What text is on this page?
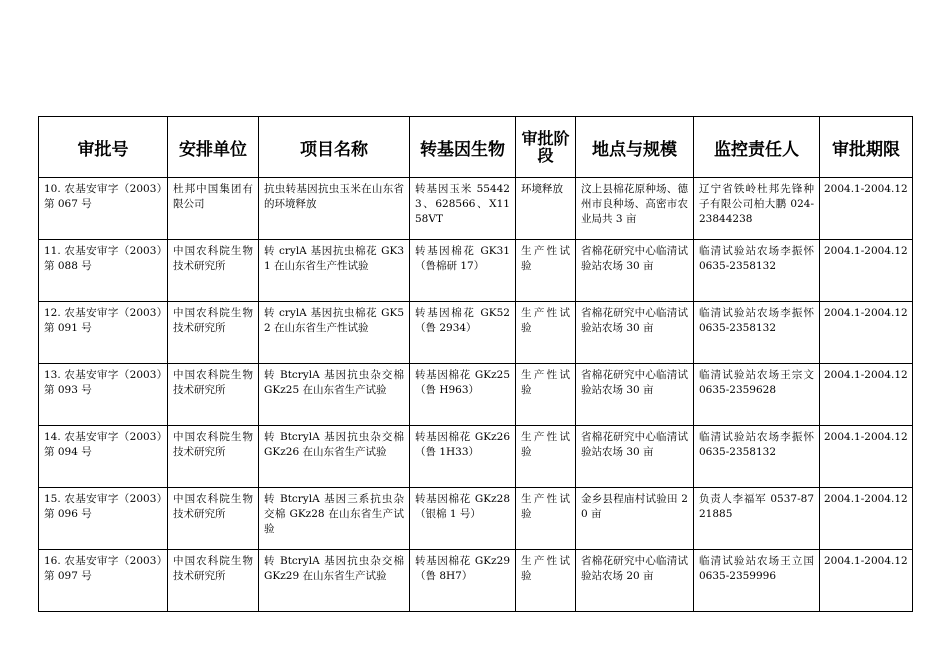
审批号	安排单位	项目名称	转基因生物	审批阶段	地点与规模	监控责任人	审批期限
10. 农基安审字（2003）第 067 号	杜邦中国集团有限公司	抗虫转基因抗虫玉米在山东省的环境释放	转基因玉米 554423、628566、X1158VT	环境释放	汶上县棉花原种场、德州市良种场、高密市农业局共 3 亩	辽宁省铁岭杜邦先锋种子有限公司柏大鹏 024-23844238	2004.1-2004.12
11. 农基安审字（2003）第 088 号	中国农科院生物技术研究所	转 crylA 基因抗虫棉花 GK31 在山东省生产性试验	转基因棉花 GK31（鲁棉研 17）	生产性试验	省棉花研究中心临清试验站农场 30 亩	临清试验站农场李振怀 0635-2358132	2004.1-2004.12
12. 农基安审字（2003）第 091 号	中国农科院生物技术研究所	转 crylA 基因抗虫棉花 GK52 在山东省生产性试验	转基因棉花 GK52（鲁 2934）	生产性试验	省棉花研究中心临清试验站农场 30 亩	临清试验站农场李振怀 0635-2358132	2004.1-2004.12
13. 农基安审字（2003）第 093 号	中国农科院生物技术研究所	转 BtcrylA 基因抗虫杂交棉 GKz25 在山东省生产试验	转基因棉花 GKz25（鲁 H963）	生产性试验	省棉花研究中心临清试验站农场 30 亩	临清试验站农场王宗文 0635-2359628	2004.1-2004.12
14. 农基安审字（2003）第 094 号	中国农科院生物技术研究所	转 BtcrylA 基因抗虫杂交棉 GKz26 在山东省生产试验	转基因棉花 GKz26（鲁 1H33）	生产性试验	省棉花研究中心临清试验站农场 30 亩	临清试验站农场李振怀 0635-2358132	2004.1-2004.12
15. 农基安审字（2003）第 096 号	中国农科院生物技术研究所	转 BtcrylA 基因三系抗虫杂交棉 GKz28 在山东省生产试验	转基因棉花 GKz28（银棉 1 号）	生产性试验	金乡县程庙村试验田 20 亩	负责人李福军 0537-8721885	2004.1-2004.12
16. 农基安审字（2003）第 097 号	中国农科院生物技术研究所	转 BtcrylA 基因抗虫杂交棉 GKz29 在山东省生产试验	转基因棉花 GKz29（鲁 8H7）	生产性试验	省棉花研究中心临清试验站农场 20 亩	临清试验站农场王立国 0635-2359996	2004.1-2004.12
